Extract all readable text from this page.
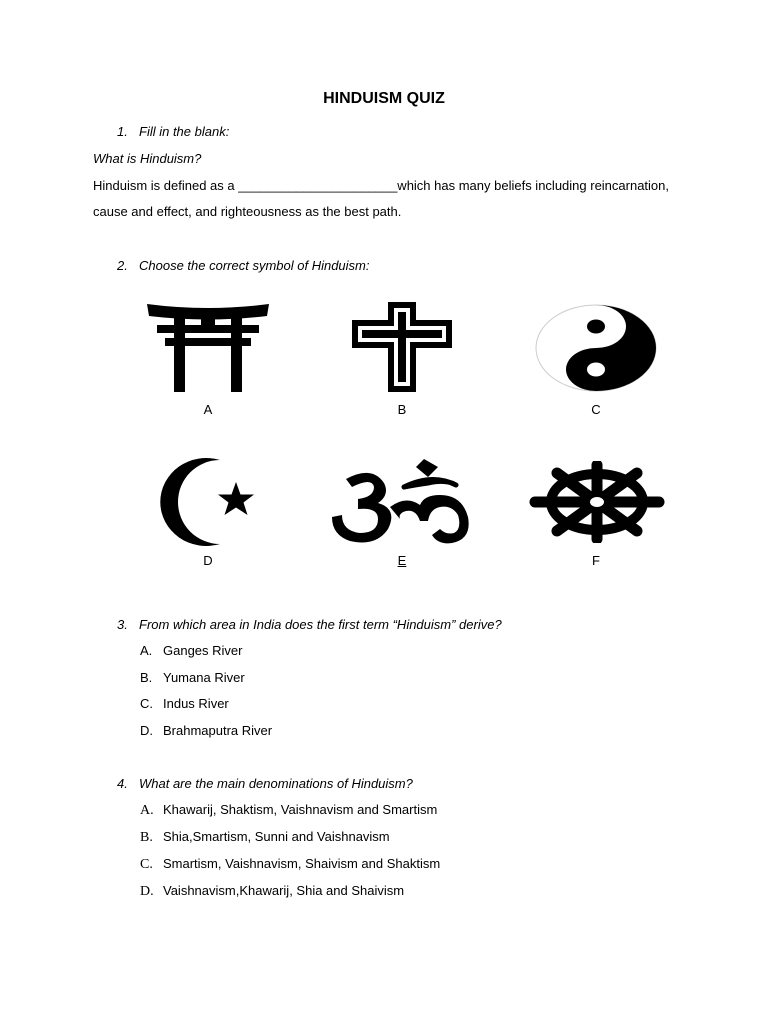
HINDUISM QUIZ
1. Fill in the blank:
What is Hinduism?
Hinduism is defined as a ______________________which has many beliefs including reincarnation,
cause and effect, and righteousness as the best path.
2. Choose the correct symbol of Hinduism:
A	B	C
D	E	F
3. From which area in India does the first term “Hinduism” derive?
A. Ganges River
B. Yumana River
C. Indus River
D. Brahmaputra River
4. What are the main denominations of Hinduism?
A. Khawarij, Shaktism, Vaishnavism and Smartism
B. Shia,Smartism, Sunni and Vaishnavism
C. Smartism, Vaishnavism, Shaivism and Shaktism
D. Vaishnavism,Khawarij, Shia and Shaivism
